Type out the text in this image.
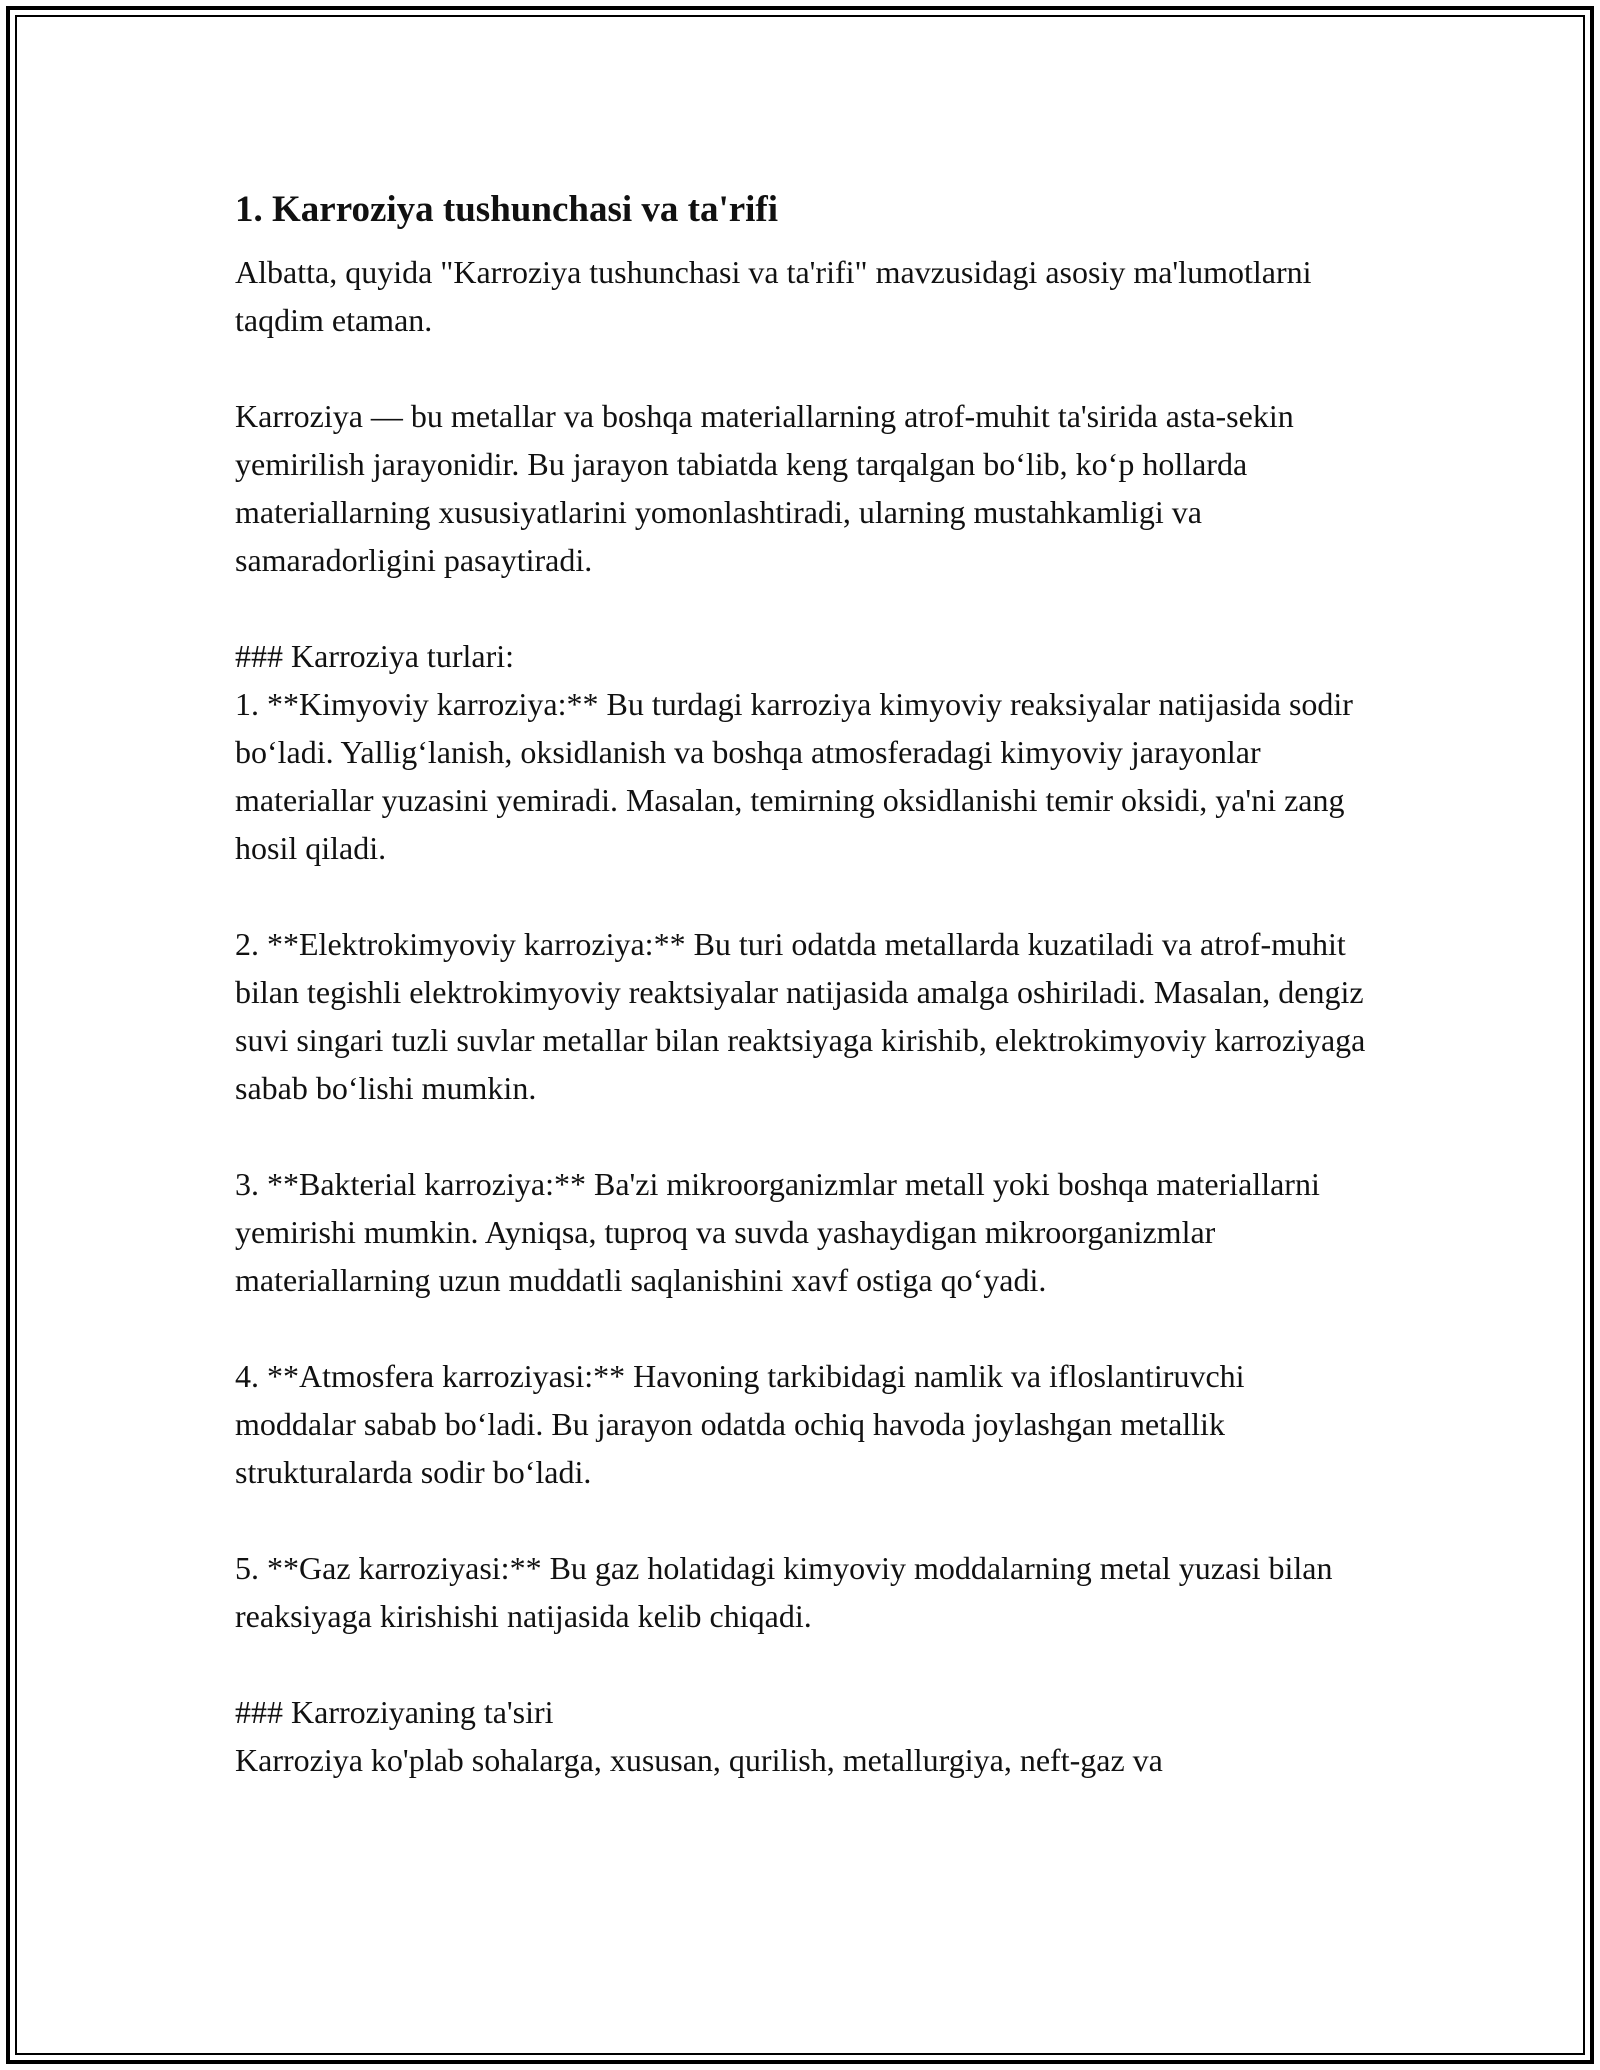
1. Karroziya tushunchasi va ta'rifi

Albatta, quyida "Karroziya tushunchasi va ta'rifi" mavzusidagi asosiy ma'lumotlarni taqdim etaman.

Karroziya — bu metallar va boshqa materiallarning atrof-muhit ta'sirida asta-sekin yemirilish jarayonidir. Bu jarayon tabiatda keng tarqalgan boʻlib, koʻp hollarda materiallarning xususiyatlarini yomonlashtiradi, ularning mustahkamligi va samaradorligini pasaytiradi.

### Karroziya turlari:

1. **Kimyoviy karroziya:** Bu turdagi karroziya kimyoviy reaksiyalar natijasida sodir boʻladi. Yalligʻlanish, oksidlanish va boshqa atmosferadagi kimyoviy jarayonlar materiallar yuzasini yemiradi. Masalan, temirning oksidlanishi temir oksidi, ya'ni zang hosil qiladi.

2. **Elektrokimyoviy karroziya:** Bu turi odatda metallarda kuzatiladi va atrof-muhit bilan tegishli elektrokimyoviy reaktsiyalar natijasida amalga oshiriladi. Masalan, dengiz suvi singari tuzli suvlar metallar bilan reaktsiyaga kirishib, elektrokimyoviy karroziyaga sabab boʻlishi mumkin.

3. **Bakterial karroziya:** Ba'zi mikroorganizmlar metall yoki boshqa materiallarni yemirishi mumkin. Ayniqsa, tuproq va suvda yashaydigan mikroorganizmlar materiallarning uzun muddatli saqlanishini xavf ostiga qoʻyadi.

4. **Atmosfera karroziyasi:** Havoning tarkibidagi namlik va ifloslantiruvchi moddalar sabab boʻladi. Bu jarayon odatda ochiq havoda joylashgan metallik strukturalarda sodir boʻladi.

5. **Gaz karroziyasi:** Bu gaz holatidagi kimyoviy moddalarning metal yuzasi bilan reaksiyaga kirishishi natijasida kelib chiqadi.

### Karroziyaning ta'siri

Karroziya ko'plab sohalarga, xususan, qurilish, metallurgiya, neft-gaz va
